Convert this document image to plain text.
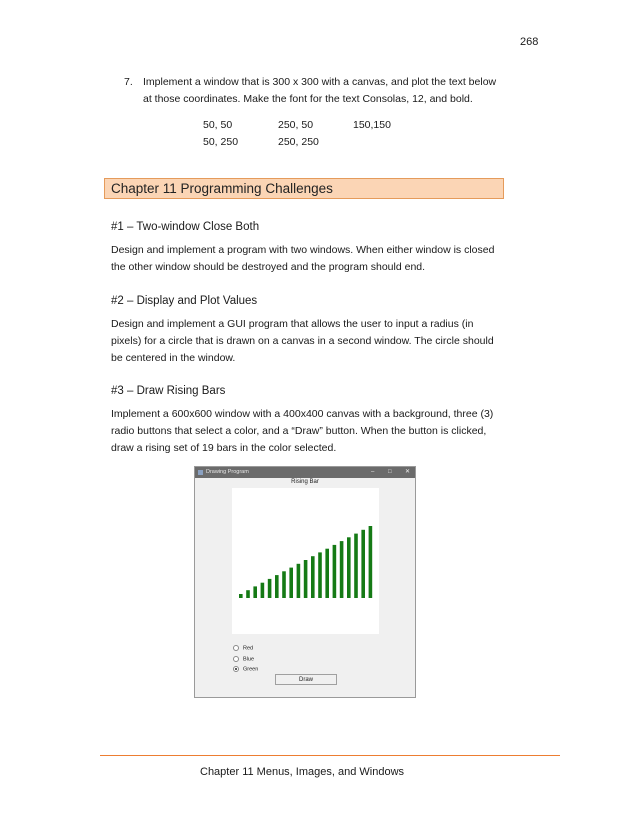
268
7. Implement a window that is 300 x 300 with a canvas, and plot the text below
at those coordinates. Make the font for the text Consolas, 12, and bold.
50, 50	250, 50	150,150
50, 250	250, 250
Chapter 11 Programming Challenges
#1 – Two-window Close Both
Design and implement a program with two windows. When either window is closed
the other window should be destroyed and the program should end.
#2 – Display and Plot Values
Design and implement a GUI program that allows the user to input a radius (in
pixels) for a circle that is drawn on a canvas in a second window. The circle should
be centered in the window.
#3 – Draw Rising Bars
Implement a 600x600 window with a 400x400 canvas with a background, three (3)
radio buttons that select a color, and a “Draw” button. When the button is clicked,
draw a rising set of 19 bars in the color selected.
Drawing Program	– □ ✕
Rising Bar
Red
Blue
Green
Draw
Chapter 11 Menus, Images, and Windows
